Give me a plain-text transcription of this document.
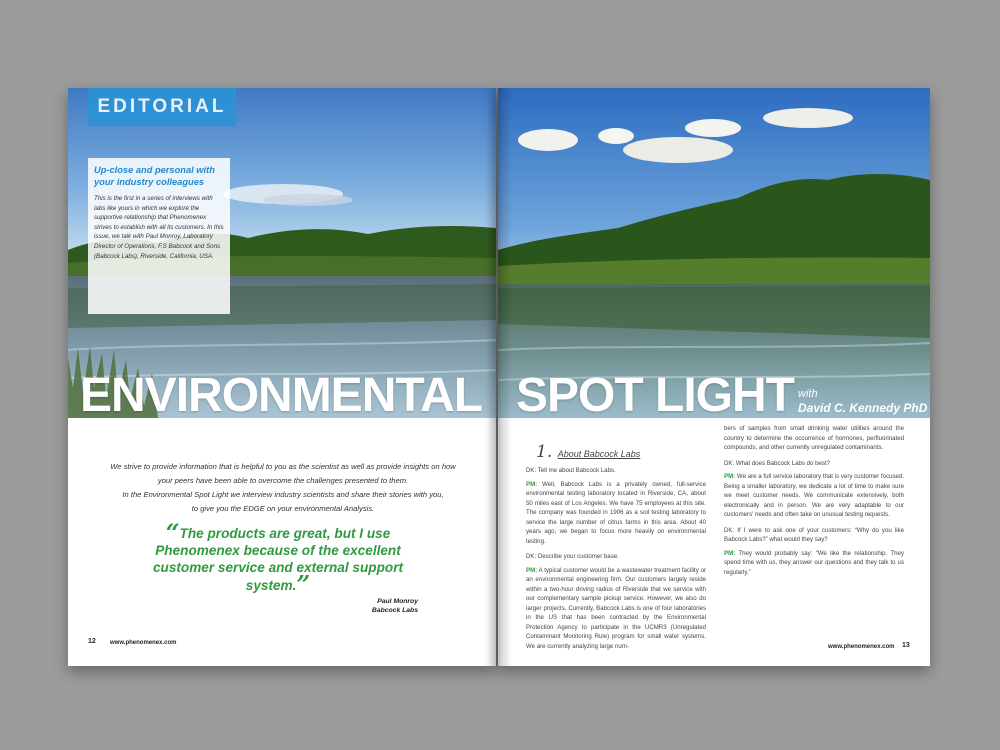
EDITORIAL
Up-close and personal with your industry colleagues
This is the first in a series of interviews with labs like yours in which we explore the supportive relationship that Phenomenex strives to establish with all its customers. In this issue, we talk with Paul Monroy, Laboratory Director of Operations, F.S Babcock and Sons (Babcock Labs), Riverside, California, USA.
ENVIRONMENTAL
We strive to provide information that is helpful to you as the scientist as well as provide insights on how
your peers have been able to overcome the challenges presented to them.
In the Environmental Spot Light we interview industry scientists and share their stories with you,
to give you the EDGE on your environmental Analysis.
“The products are great, but I use Phenomenex because of the excellent customer service and external support system.”
Paul Monroy
Babcock Labs
12 www.phenomenex.com
SPOT LIGHT with
David C. Kennedy PhD
1. About Babcock Labs

DK: Tell me about Babcock Labs.

PM: Well, Babcock Labs is a privately owned, full-service environmental testing laboratory located in Riverside, CA, about 50 miles east of Los Angeles. We have 75 employees at this site. The company was founded in 1906 as a soil testing laboratory to service the large number of citrus farms in this area. About 40 years ago, we began to focus more heavily on environmental testing.

DK: Describe your customer base.

PM: A typical customer would be a wastewater treatment facility or an environmental engineering firm. Our customers largely reside within a two-hour driving radius of Riverside that we service with our complementary sample pickup service. However, we also do larger projects. Currently, Babcock Labs is one of four laboratories in the US that has been contracted by the Environmental Protection Agency to participate in the UCMR3 (Unregulated Contaminant Monitoring Rule) program for small water systems. We are currently analyzing large num-

bers of samples from small drinking water utilities around the country to determine the occurrence of hormones, perfluorinated compounds, and other currently unregulated contaminants.

DK: What does Babcock Labs do best?

PM: We are a full service laboratory that is very customer focused. Being a smaller laboratory, we dedicate a lot of time to make sure we meet customer needs. We communicate extensively, both electronically and in person. We are very adaptable to our customers' needs and often take on unusual testing requests.

DK: If I were to ask one of your customers: “Why do you like Babcock Labs?” what would they say?

PM: They would probably say: “We like the relationship. They spend time with us, they answer our questions and they talk to us regularly.”

www.phenomenex.com 13
